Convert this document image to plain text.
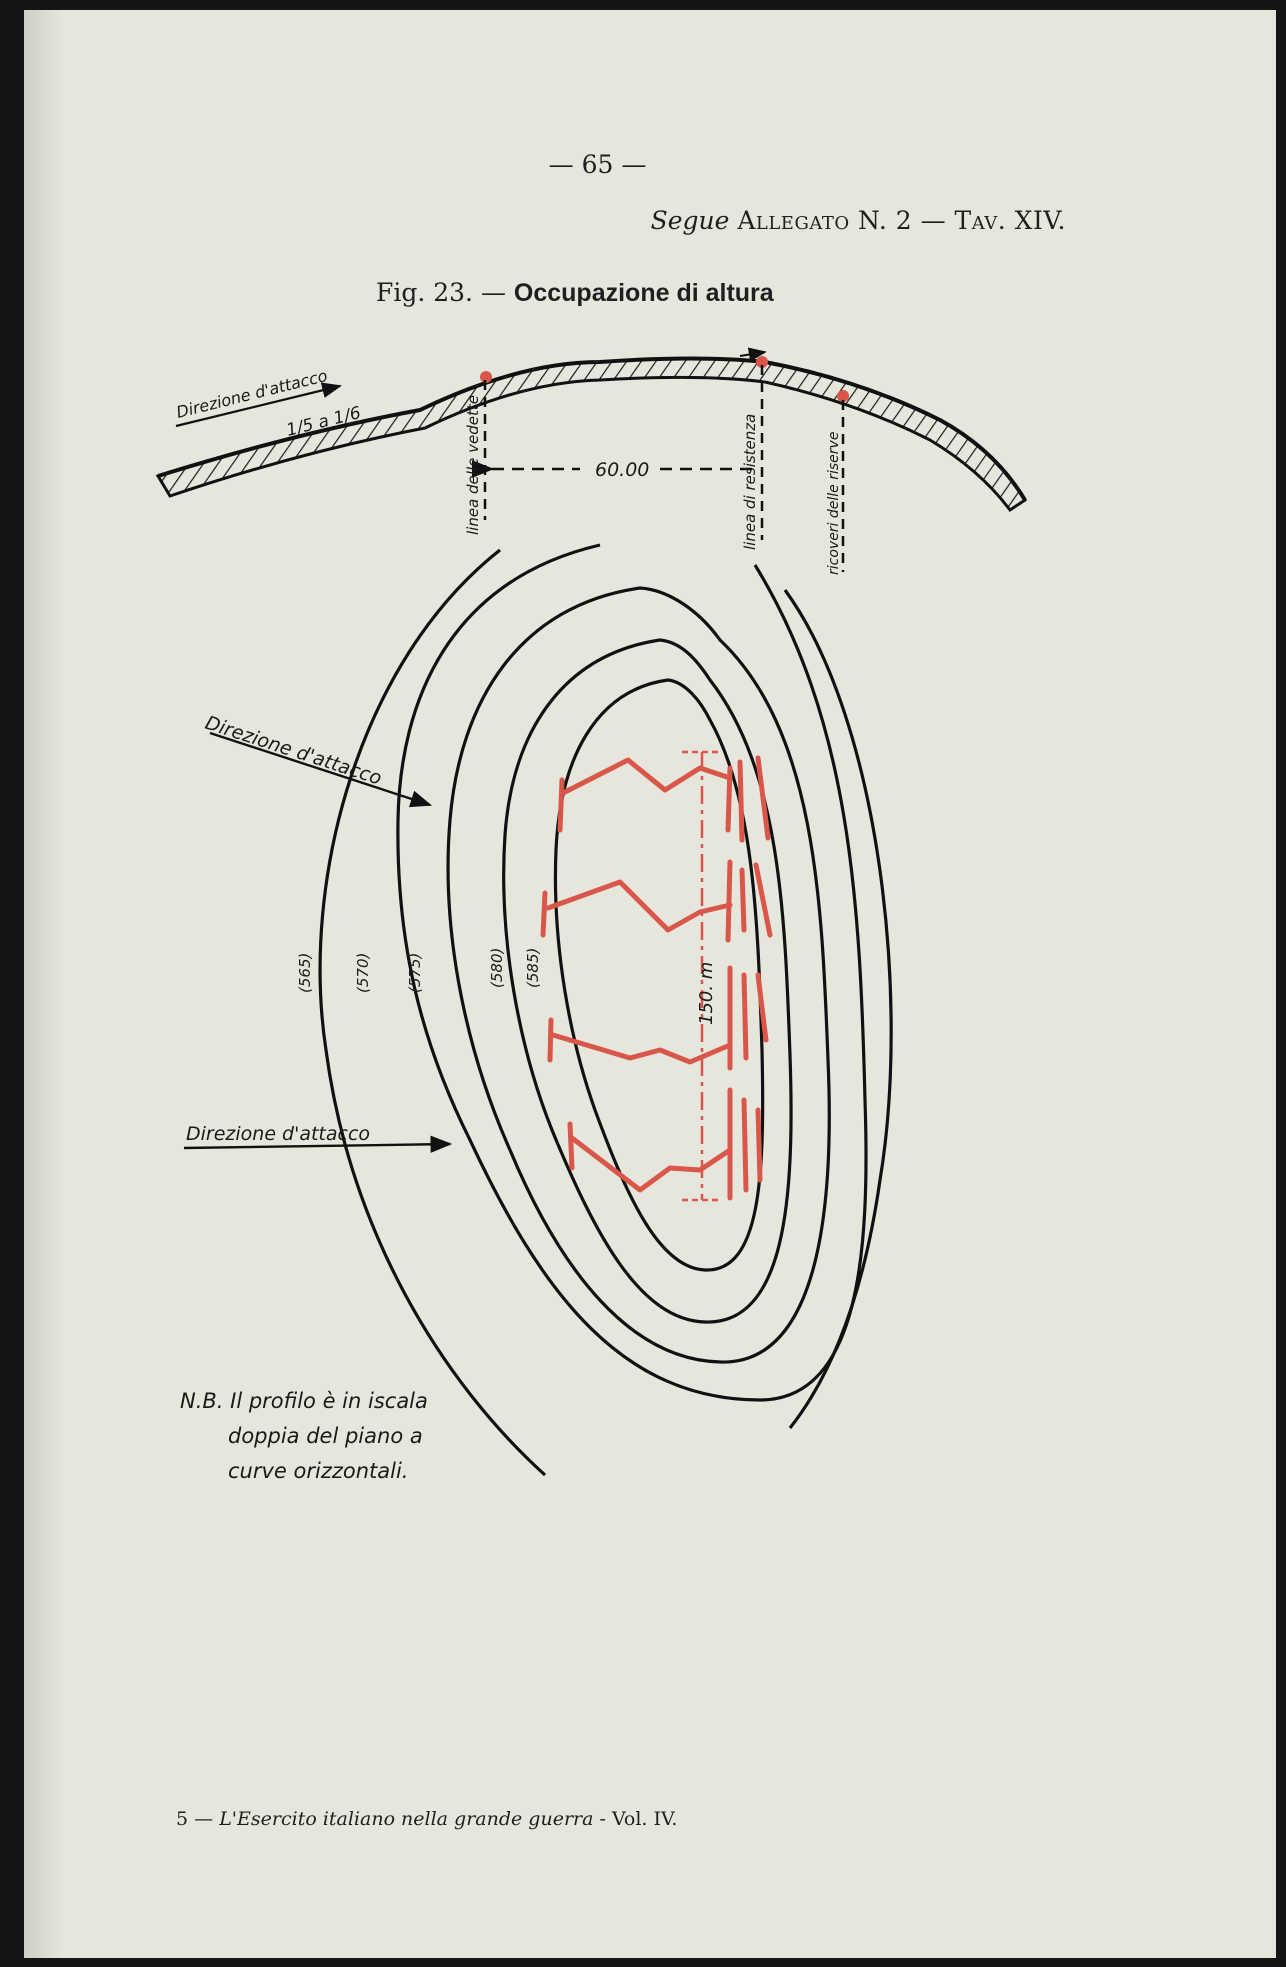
— 65 —
Segue Allegato N. 2 — Tav. XIV.
Fig. 23. — Occupazione di altura
60.00
Direzione d'attacco
1/5 a 1/6	linea delle vedette	linea di resistenza	ricoveri delle riserve
(565)	(570) (575)	(580) (585)
Direzione d'attacco
Direzione d'attacco
150. m
N.B. Il profilo è in iscala
doppia del piano a
curve orizzontali.
5 — L'Esercito italiano nella grande guerra - Vol. IV.
